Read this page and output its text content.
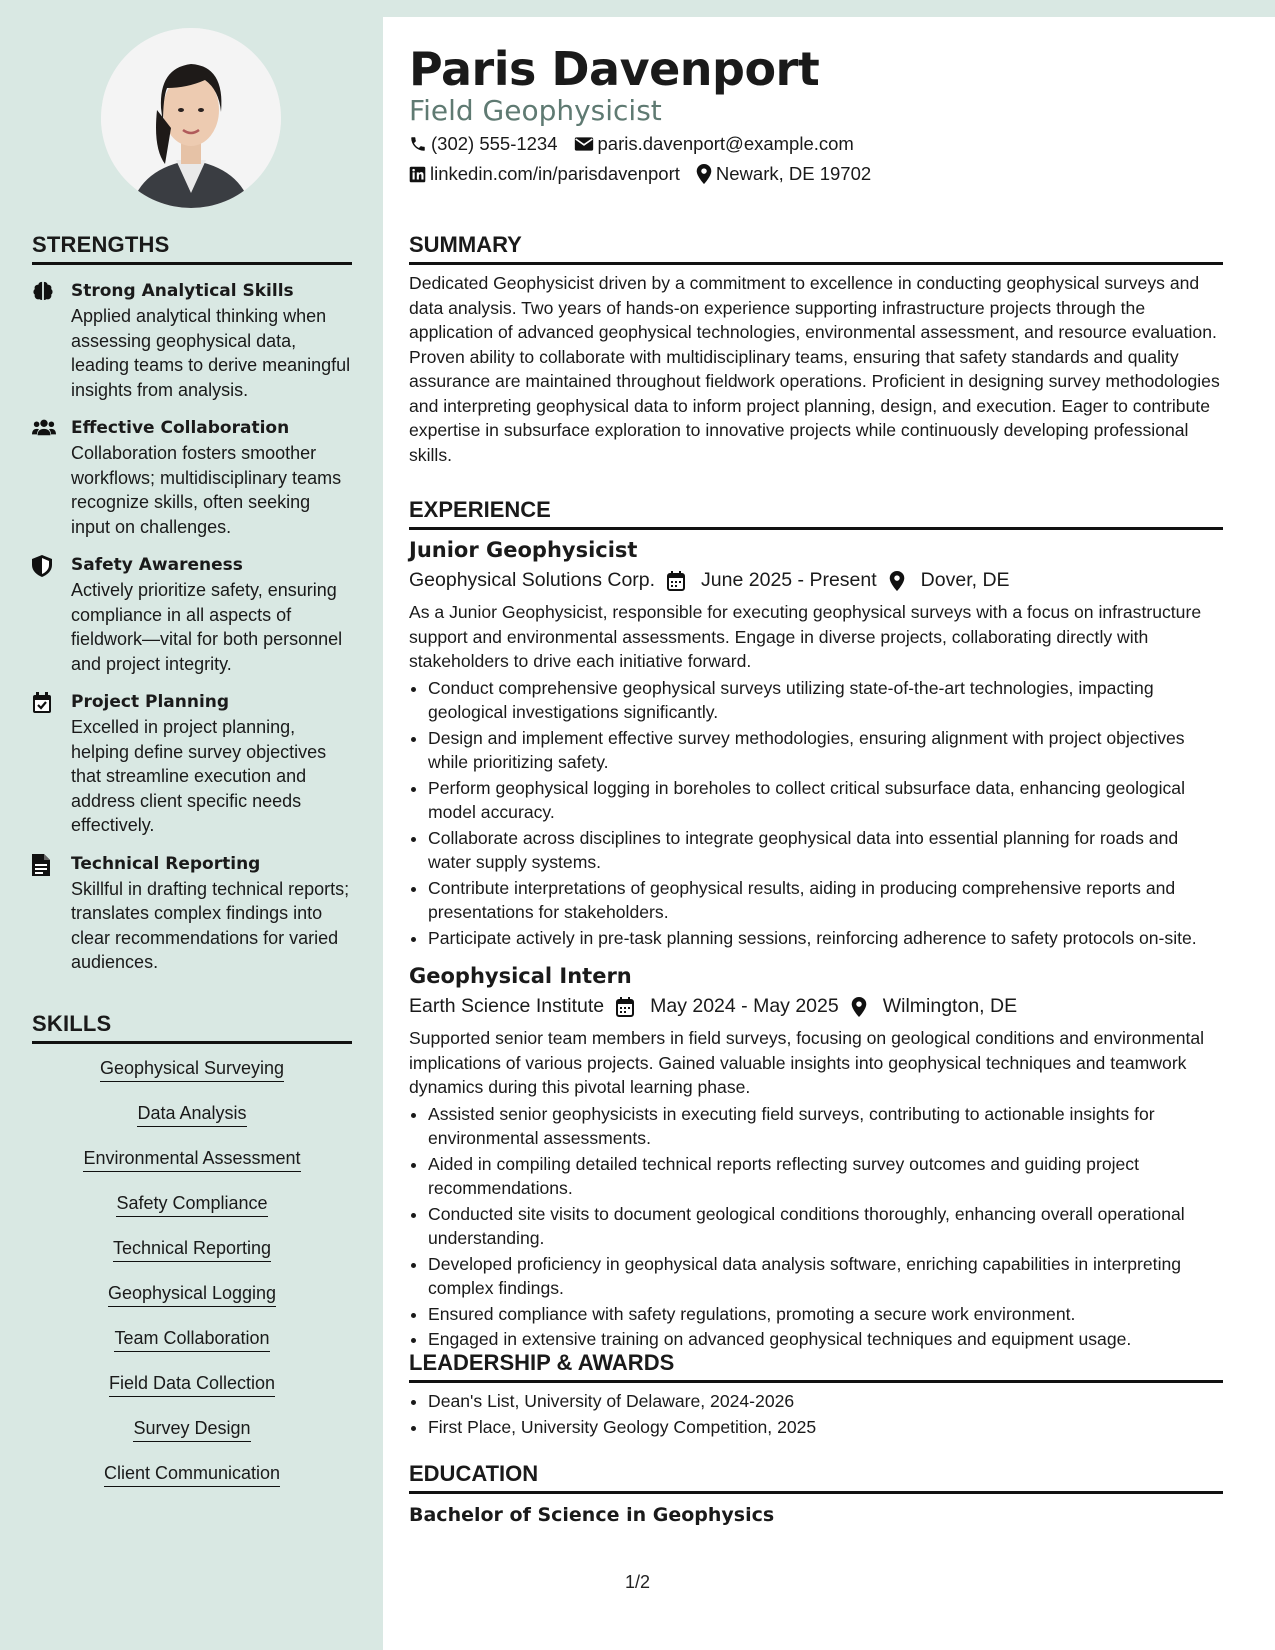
STRENGTHS
Strong Analytical Skills
Applied analytical thinking when assessing geophysical data, leading teams to derive meaningful insights from analysis.
Effective Collaboration
Collaboration fosters smoother workflows; multidisciplinary teams recognize skills, often seeking input on challenges.
Safety Awareness
Actively prioritize safety, ensuring compliance in all aspects of fieldwork—vital for both personnel and project integrity.
Project Planning
Excelled in project planning, helping define survey objectives that streamline execution and address client specific needs effectively.
Technical Reporting
Skillful in drafting technical reports; translates complex findings into clear recommendations for varied audiences.
SKILLS
Geophysical Surveying
Data Analysis
Environmental Assessment
Safety Compliance
Technical Reporting
Geophysical Logging
Team Collaboration
Field Data Collection
Survey Design
Client Communication
Paris Davenport
Field Geophysicist
(302) 555-1234 paris.davenport@example.com
linkedin.com/in/parisdavenport Newark, DE 19702
SUMMARY

Dedicated Geophysicist driven by a commitment to excellence in conducting geophysical surveys and data analysis. Two years of hands-on experience supporting infrastructure projects through the application of advanced geophysical technologies, environmental assessment, and resource evaluation. Proven ability to collaborate with multidisciplinary teams, ensuring that safety standards and quality assurance are maintained throughout fieldwork operations. Proficient in designing survey methodologies and interpreting geophysical data to inform project planning, design, and execution. Eager to contribute expertise in subsurface exploration to innovative projects while continuously developing professional skills.

EXPERIENCE
Junior Geophysicist
Geophysical Solutions Corp. June 2025 - Present Dover, DE

As a Junior Geophysicist, responsible for executing geophysical surveys with a focus on infrastructure support and environmental assessments. Engage in diverse projects, collaborating directly with stakeholders to drive each initiative forward.

• Conduct comprehensive geophysical surveys utilizing state-of-the-art technologies, impacting geological investigations significantly.
• Design and implement effective survey methodologies, ensuring alignment with project objectives while prioritizing safety.
• Perform geophysical logging in boreholes to collect critical subsurface data, enhancing geological model accuracy.
• Collaborate across disciplines to integrate geophysical data into essential planning for roads and water supply systems.
• Contribute interpretations of geophysical results, aiding in producing comprehensive reports and presentations for stakeholders.
• Participate actively in pre-task planning sessions, reinforcing adherence to safety protocols on-site.
Geophysical Intern
Earth Science Institute May 2024 - May 2025 Wilmington, DE

Supported senior team members in field surveys, focusing on geological conditions and environmental implications of various projects. Gained valuable insights into geophysical techniques and teamwork dynamics during this pivotal learning phase.

• Assisted senior geophysicists in executing field surveys, contributing to actionable insights for environmental assessments.
• Aided in compiling detailed technical reports reflecting survey outcomes and guiding project recommendations.
• Conducted site visits to document geological conditions thoroughly, enhancing overall operational understanding.
• Developed proficiency in geophysical data analysis software, enriching capabilities in interpreting complex findings.
• Ensured compliance with safety regulations, promoting a secure work environment.
• Engaged in extensive training on advanced geophysical techniques and equipment usage.
LEADERSHIP & AWARDS
• Dean's List, University of Delaware, 2024-2026
• First Place, University Geology Competition, 2025
EDUCATION
Bachelor of Science in Geophysics
1/2
